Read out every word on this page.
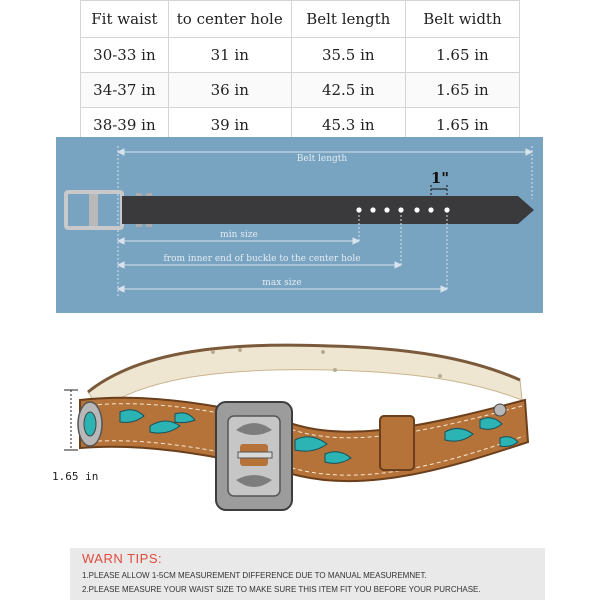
Fit waist	to center hole	Belt length	Belt width
30-33 in	31 in	35.5 in	1.65 in
34-37 in	36 in	42.5 in	1.65 in
38-39 in	39 in	45.3 in	1.65 in
Belt length
1"
min size
from inner end of buckle to the center hole
max size
1.65 in
WARN TIPS:
1.PLEASE ALLOW 1-5CM MEASUREMENT DIFFERENCE DUE TO MANUAL MEASUREMNET.
2.PLEASE MEASURE YOUR WAIST SIZE TO MAKE SURE THIS ITEM FIT YOU BEFORE YOUR PURCHASE.
